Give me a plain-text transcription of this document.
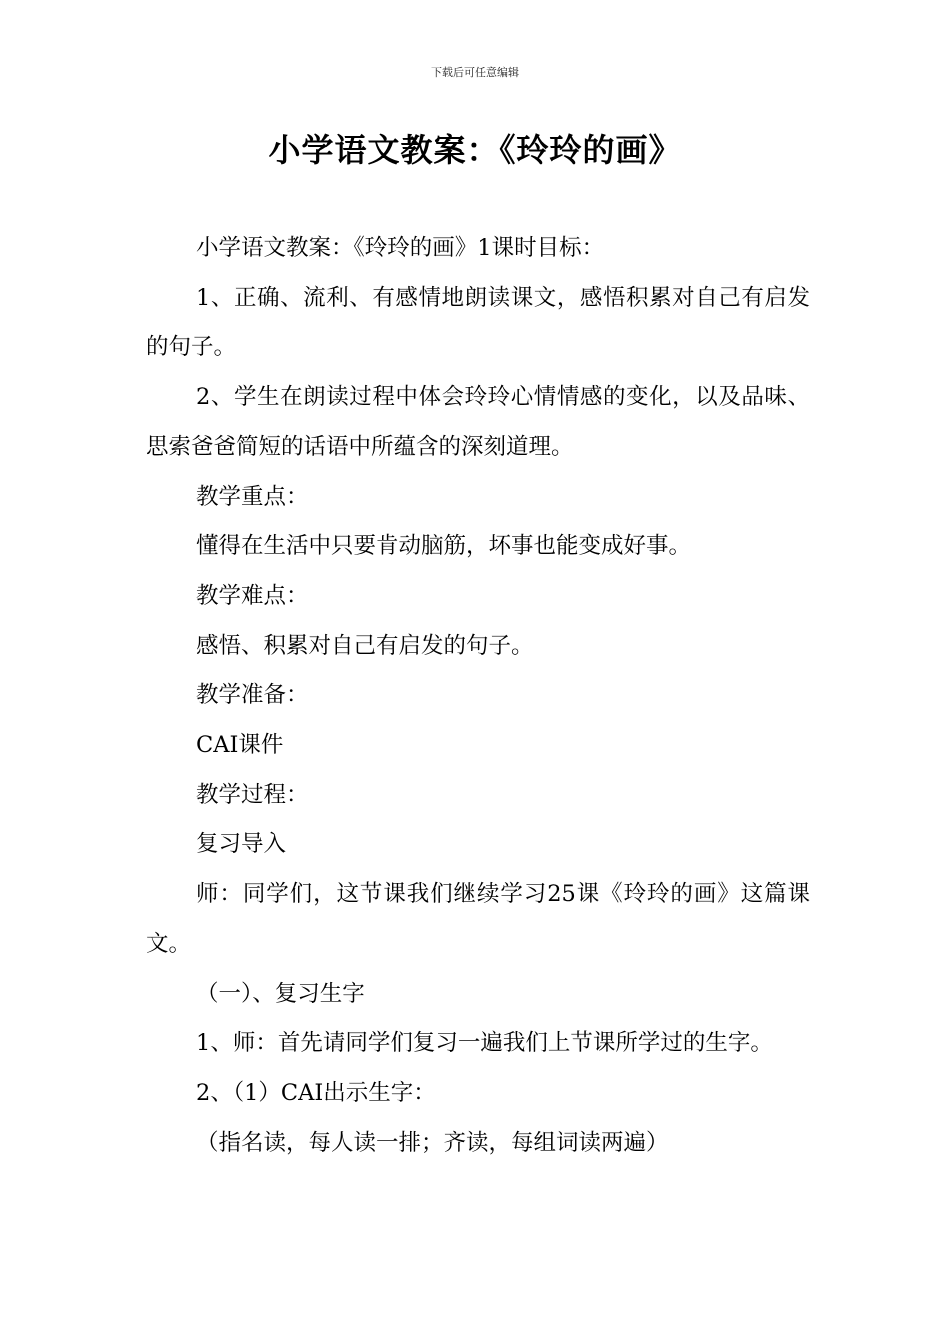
下载后可任意编辑
小学语文教案：《玲玲的画》

小学语文教案：《玲玲的画》1课时目标：

1、正确、流利、有感情地朗读课文，感悟积累对自己有启发的句子。

2、学生在朗读过程中体会玲玲心情情感的变化，以及品味、思索爸爸简短的话语中所蕴含的深刻道理。

教学重点：

懂得在生活中只要肯动脑筋，坏事也能变成好事。

教学难点：

感悟、积累对自己有启发的句子。

教学准备：

CAI课件

教学过程：

复习导入

师：同学们，这节课我们继续学习25课《玲玲的画》这篇课文。

（一）、复习生字

1、师：首先请同学们复习一遍我们上节课所学过的生字。

2、（1）CAI出示生字：

（指名读，每人读一排；齐读，每组词读两遍）
